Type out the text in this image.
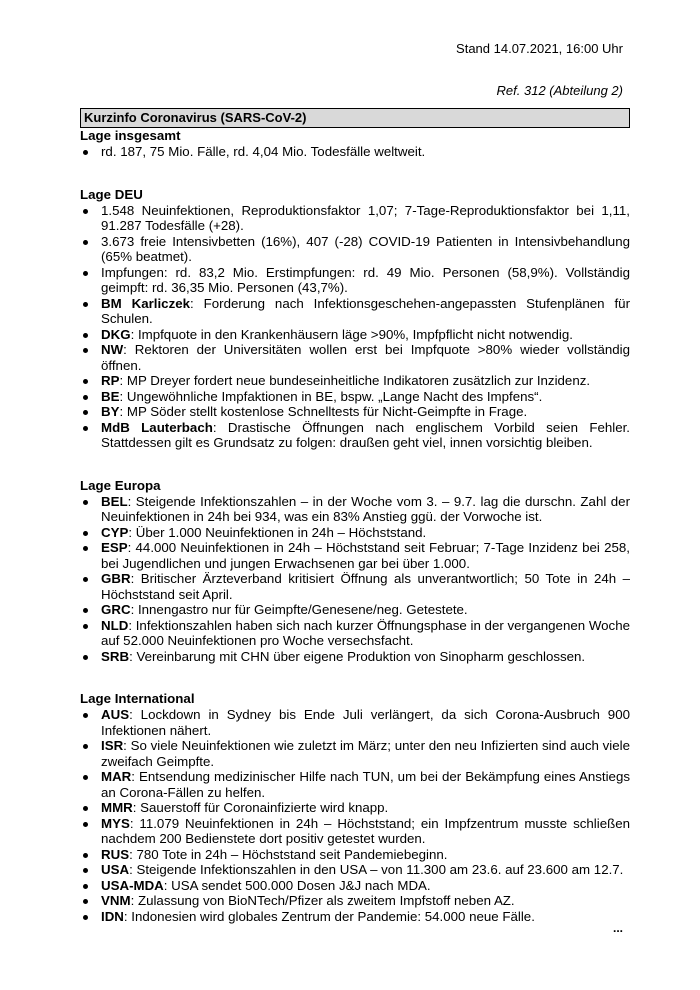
Stand 14.07.2021, 16:00 Uhr
Ref. 312 (Abteilung 2)
Kurzinfo Coronavirus (SARS-CoV-2)
Lage insgesamt
rd. 187, 75 Mio. Fälle, rd. 4,04 Mio. Todesfälle weltweit.
Lage DEU
1.548 Neuinfektionen, Reproduktionsfaktor 1,07; 7-Tage-Reproduktionsfaktor bei 1,11, 91.287 Todesfälle (+28).
3.673 freie Intensivbetten (16%), 407 (-28) COVID-19 Patienten in Intensivbehandlung (65% beatmet).
Impfungen: rd. 83,2 Mio. Erstimpfungen: rd. 49 Mio. Personen (58,9%). Vollständig geimpft: rd. 36,35 Mio. Personen (43,7%).
BM Karliczek: Forderung nach Infektionsgeschehen-angepassten Stufenplänen für Schulen.
DKG: Impfquote in den Krankenhäusern läge >90%, Impfpflicht nicht notwendig.
NW: Rektoren der Universitäten wollen erst bei Impfquote >80% wieder vollständig öffnen.
RP: MP Dreyer fordert neue bundeseinheitliche Indikatoren zusätzlich zur Inzidenz.
BE: Ungewöhnliche Impfaktionen in BE, bspw. „Lange Nacht des Impfens“.
BY: MP Söder stellt kostenlose Schnelltests für Nicht-Geimpfte in Frage.
MdB Lauterbach: Drastische Öffnungen nach englischem Vorbild seien Fehler. Stattdessen gilt es Grundsatz zu folgen: draußen geht viel, innen vorsichtig bleiben.
Lage Europa
BEL: Steigende Infektionszahlen – in der Woche vom 3. – 9.7. lag die durschn. Zahl der Neuinfektionen in 24h bei 934, was ein 83% Anstieg ggü. der Vorwoche ist.
CYP: Über 1.000 Neuinfektionen in 24h – Höchststand.
ESP: 44.000 Neuinfektionen in 24h – Höchststand seit Februar; 7-Tage Inzidenz bei 258, bei Jugendlichen und jungen Erwachsenen gar bei über 1.000.
GBR: Britischer Ärzteverband kritisiert Öffnung als unverantwortlich; 50 Tote in 24h – Höchststand seit April.
GRC: Innengastro nur für Geimpfte/Genesene/neg. Getestete.
NLD: Infektionszahlen haben sich nach kurzer Öffnungsphase in der vergangenen Woche auf 52.000 Neuinfektionen pro Woche versechsfacht.
SRB: Vereinbarung mit CHN über eigene Produktion von Sinopharm geschlossen.
Lage International
AUS: Lockdown in Sydney bis Ende Juli verlängert, da sich Corona-Ausbruch 900 Infektionen nähert.
ISR: So viele Neuinfektionen wie zuletzt im März; unter den neu Infizierten sind auch viele zweifach Geimpfte.
MAR: Entsendung medizinischer Hilfe nach TUN, um bei der Bekämpfung eines Anstiegs an Corona-Fällen zu helfen.
MMR: Sauerstoff für Coronainfizierte wird knapp.
MYS: 11.079 Neuinfektionen in 24h – Höchststand; ein Impfzentrum musste schließen nachdem 200 Bedienstete dort positiv getestet wurden.
RUS: 780 Tote in 24h – Höchststand seit Pandemiebeginn.
USA: Steigende Infektionszahlen in den USA – von 11.300 am 23.6. auf 23.600 am 12.7.
USA-MDA: USA sendet 500.000 Dosen J&J nach MDA.
VNM: Zulassung von BioNTech/Pfizer als zweitem Impfstoff neben AZ.
IDN: Indonesien wird globales Zentrum der Pandemie: 54.000 neue Fälle.
...
